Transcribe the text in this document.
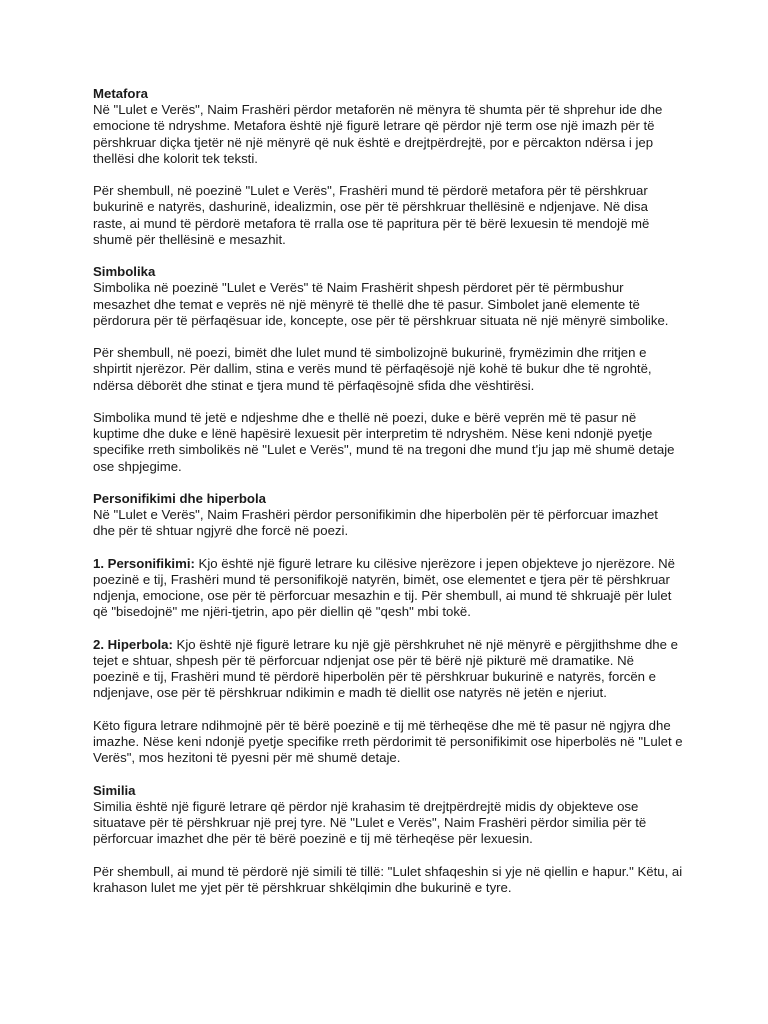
Metafora

Në "Lulet e Verës", Naim Frashëri përdor metaforën në mënyra të shumta për të shprehur ide dhe emocione të ndryshme. Metafora është një figurë letrare që përdor një term ose një imazh për të përshkruar diçka tjetër në një mënyrë që nuk është e drejtpërdrejtë, por e përcakton ndërsa i jep thellësi dhe kolorit tek teksti.

Për shembull, në poezinë "Lulet e Verës", Frashëri mund të përdorë metafora për të përshkruar bukurinë e natyrës, dashurinë, idealizmin, ose për të përshkruar thellësinë e ndjenjave. Në disa raste, ai mund të përdorë metafora të rralla ose të papritura për të bërë lexuesin të mendojë më shumë për thellësinë e mesazhit.

Simbolika

Simbolika në poezinë "Lulet e Verës" të Naim Frashërit shpesh përdoret për të përmbushur mesazhet dhe temat e veprës në një mënyrë të thellë dhe të pasur. Simbolet janë elemente të përdorura për të përfaqësuar ide, koncepte, ose për të përshkruar situata në një mënyrë simbolike.

Për shembull, në poezi, bimët dhe lulet mund të simbolizojnë bukurinë, frymëzimin dhe rritjen e shpirtit njerëzor. Për dallim, stina e verës mund të përfaqësojë një kohë të bukur dhe të ngrohtë, ndërsa dëborët dhe stinat e tjera mund të përfaqësojnë sfida dhe vështirësi.

Simbolika mund të jetë e ndjeshme dhe e thellë në poezi, duke e bërë veprën më të pasur në kuptime dhe duke e lënë hapësirë lexuesit për interpretim të ndryshëm. Nëse keni ndonjë pyetje specifike rreth simbolikës në "Lulet e Verës", mund të na tregoni dhe mund t'ju jap më shumë detaje ose shpjegime.

Personifikimi dhe hiperbola

Në "Lulet e Verës", Naim Frashëri përdor personifikimin dhe hiperbolën për të përforcuar imazhet dhe për të shtuar ngjyrë dhe forcë në poezi.

1. Personifikimi: Kjo është një figurë letrare ku cilësive njerëzore i jepen objekteve jo njerëzore. Në poezinë e tij, Frashëri mund të personifikojë natyrën, bimët, ose elementet e tjera për të përshkruar ndjenja, emocione, ose për të përforcuar mesazhin e tij. Për shembull, ai mund të shkruajë për lulet që "bisedojnë" me njëri-tjetrin, apo për diellin që "qesh" mbi tokë.

2. Hiperbola: Kjo është një figurë letrare ku një gjë përshkruhet në një mënyrë e përgjithshme dhe e tejet e shtuar, shpesh për të përforcuar ndjenjat ose për të bërë një pikturë më dramatike. Në poezinë e tij, Frashëri mund të përdorë hiperbolën për të përshkruar bukurinë e natyrës, forcën e ndjenjave, ose për të përshkruar ndikimin e madh të diellit ose natyrës në jetën e njeriut.

Këto figura letrare ndihmojnë për të bërë poezinë e tij më tërheqëse dhe më të pasur në ngjyra dhe imazhe. Nëse keni ndonjë pyetje specifike rreth përdorimit të personifikimit ose hiperbolës në "Lulet e Verës", mos hezitoni të pyesni për më shumë detaje.

Similia

Similia është një figurë letrare që përdor një krahasim të drejtpërdrejtë midis dy objekteve ose situatave për të përshkruar një prej tyre. Në "Lulet e Verës", Naim Frashëri përdor similia për të përforcuar imazhet dhe për të bërë poezinë e tij më tërheqëse për lexuesin.

Për shembull, ai mund të përdorë një simili të tillë: "Lulet shfaqeshin si yje në qiellin e hapur." Këtu, ai krahason lulet me yjet për të përshkruar shkëlqimin dhe bukurinë e tyre.
